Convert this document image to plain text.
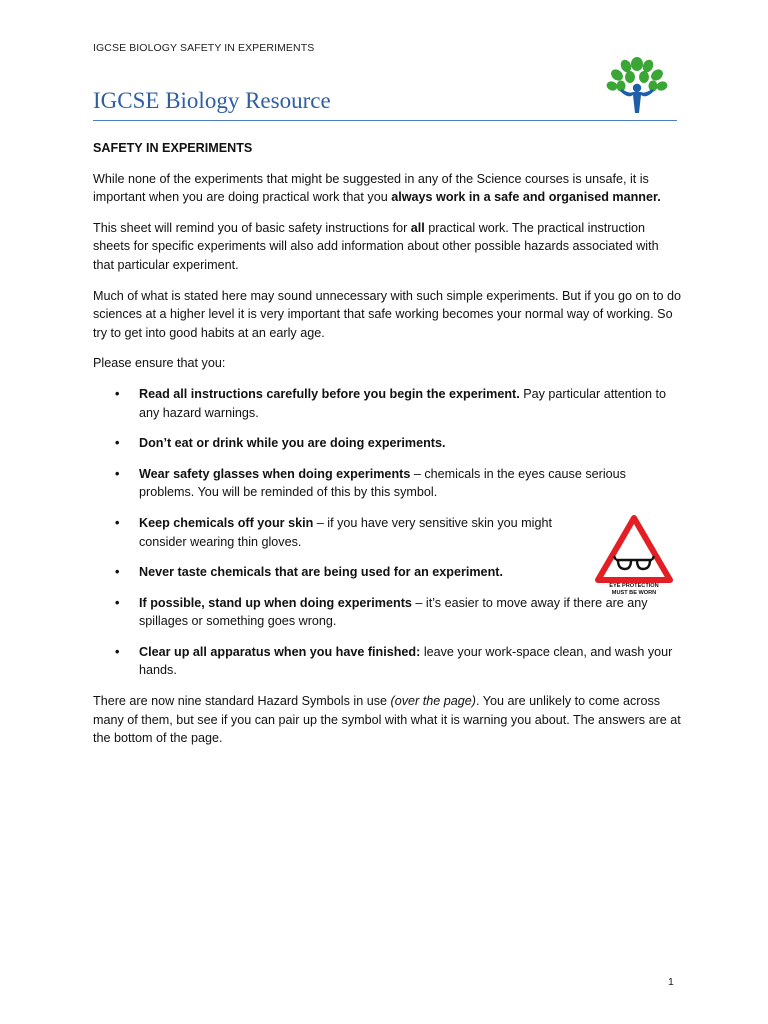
IGCSE BIOLOGY SAFETY IN EXPERIMENTS
IGCSE Biology Resource
SAFETY IN EXPERIMENTS

While none of the experiments that might be suggested in any of the Science courses is unsafe, it is important when you are doing practical work that you always work in a safe and organised manner.

This sheet will remind you of basic safety instructions for all practical work. The practical instruction sheets for specific experiments will also add information about other possible hazards associated with that particular experiment.

Much of what is stated here may sound unnecessary with such simple experiments. But if you go on to do sciences at a higher level it is very important that safe working becomes your normal way of working. So try to get into good habits at an early age.

Please ensure that you:

• Read all instructions carefully before you begin the experiment. Pay particular attention to any hazard warnings.
• Don’t eat or drink while you are doing experiments.
• Wear safety glasses when doing experiments – chemicals in the eyes cause serious problems. You will be reminded of this by this symbol.
• Keep chemicals off your skin – if you have very sensitive skin you might consider wearing thin gloves.
• Never taste chemicals that are being used for an experiment.
• If possible, stand up when doing experiments – it’s easier to move away if there are any spillages or something goes wrong.
• Clear up all apparatus when you have finished: leave your work-space clean, and wash your hands.

There are now nine standard Hazard Symbols in use (over the page). You are unlikely to come across many of them, but see if you can pair up the symbol with what it is warning you about. The answers are at the bottom of the page.

EYE PROTECTION
MUST BE WORN
1
